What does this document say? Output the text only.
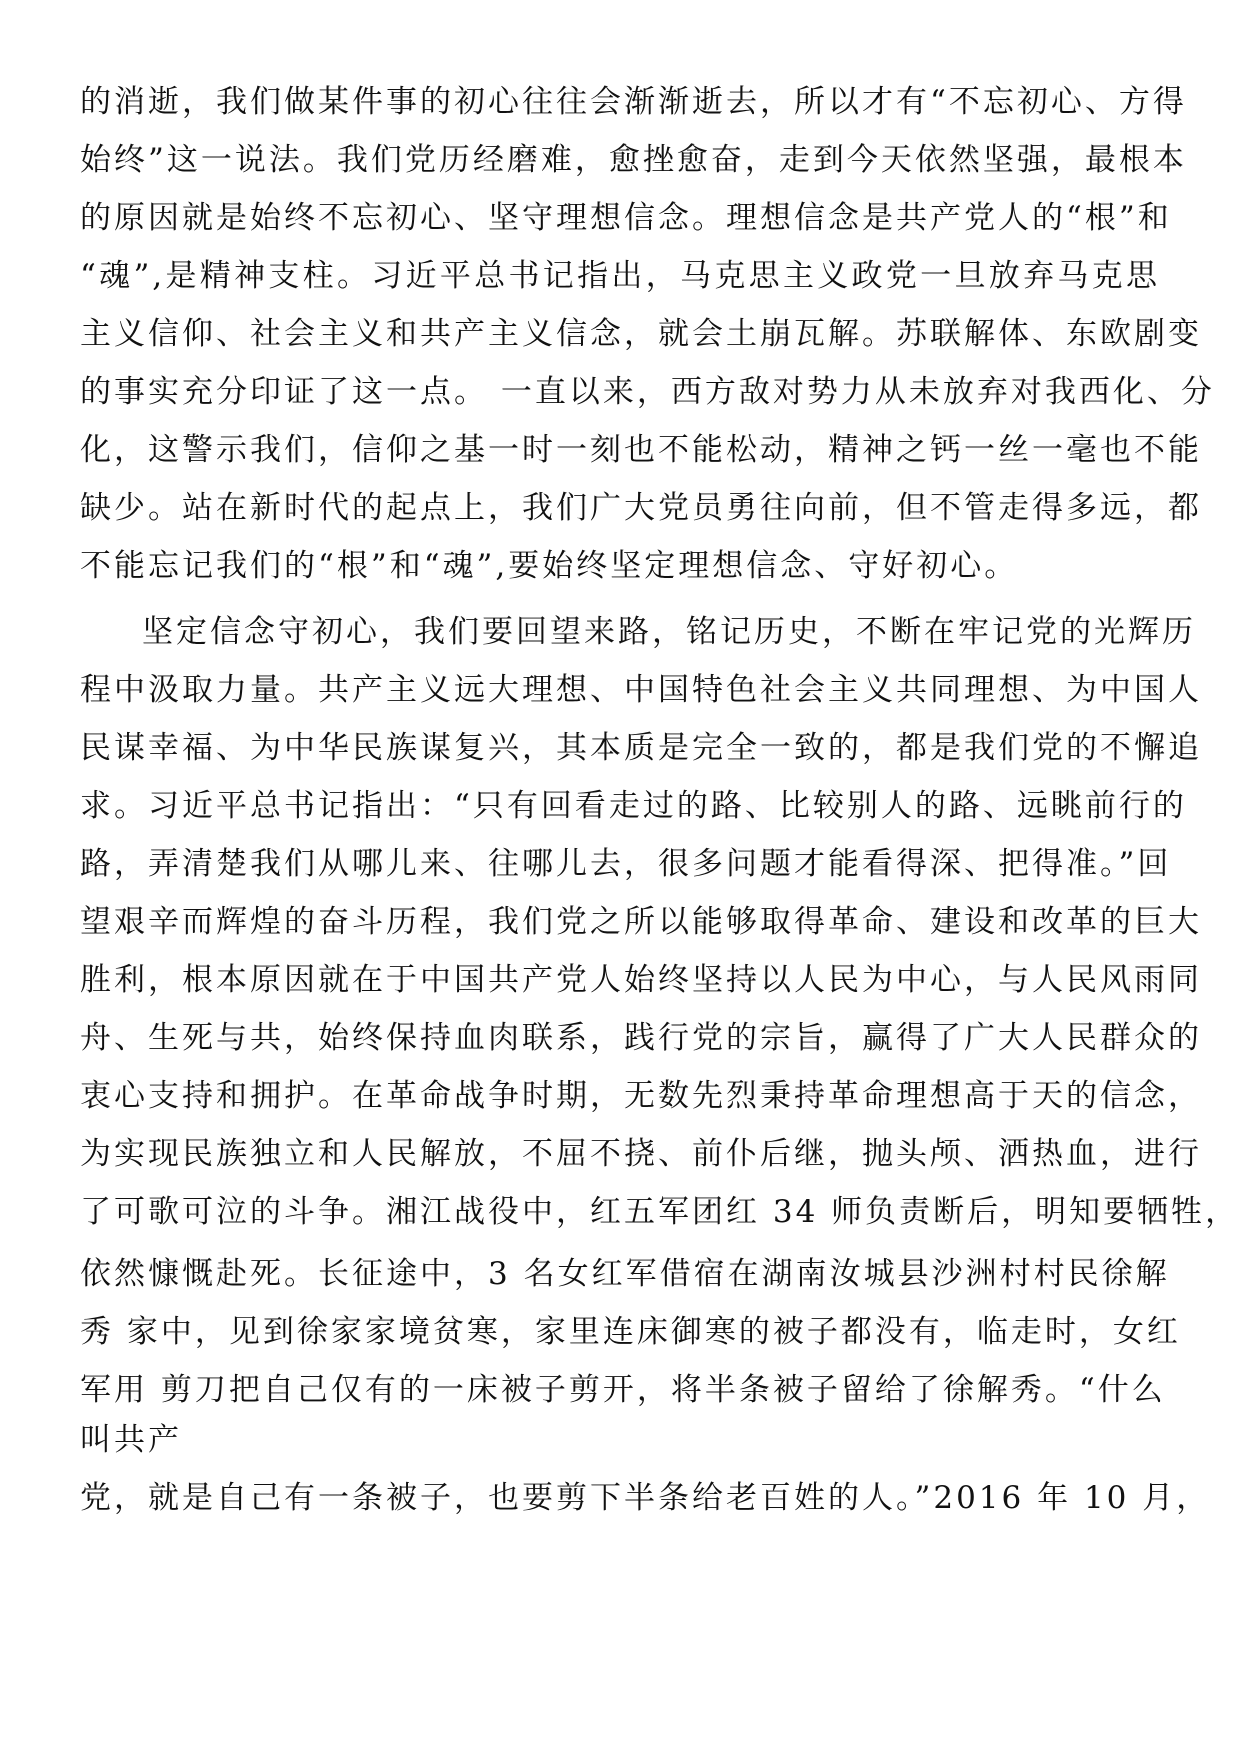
的消逝，我们做某件事的初心往往会渐渐逝去，所以才有“不忘初心、方得
始终”这一说法。我们党历经磨难，愈挫愈奋，走到今天依然坚强，最根本
的原因就是始终不忘初心、坚守理想信念。理想信念是共产党人的“根”和
“魂”,是精神支柱。习近平总书记指出，马克思主义政党一旦放弃马克思
主义信仰、社会主义和共产主义信念，就会土崩瓦解。苏联解体、东欧剧变
的事实充分印证了这一点。 一直以来，西方敌对势力从未放弃对我西化、分
化，这警示我们，信仰之基一时一刻也不能松动，精神之钙一丝一毫也不能
缺少。站在新时代的起点上，我们广大党员勇往向前，但不管走得多远，都
不能忘记我们的“根”和“魂”,要始终坚定理想信念、守好初心。
坚定信念守初心，我们要回望来路，铭记历史，不断在牢记党的光辉历
程中汲取力量。共产主义远大理想、中国特色社会主义共同理想、为中国人
民谋幸福、为中华民族谋复兴，其本质是完全一致的，都是我们党的不懈追
求。习近平总书记指出：“只有回看走过的路、比较别人的路、远眺前行的
路，弄清楚我们从哪儿来、往哪儿去，很多问题才能看得深、把得准。”回
望艰辛而辉煌的奋斗历程，我们党之所以能够取得革命、建设和改革的巨大
胜利，根本原因就在于中国共产党人始终坚持以人民为中心，与人民风雨同
舟、生死与共，始终保持血肉联系，践行党的宗旨，赢得了广大人民群众的
衷心支持和拥护。在革命战争时期，无数先烈秉持革命理想高于天的信念，
为实现民族独立和人民解放，不屈不挠、前仆后继，抛头颅、洒热血，进行
了可歌可泣的斗争。湘江战役中，红五军团红 34 师负责断后，明知要牺牲，
依然慷慨赴死。长征途中，3 名女红军借宿在湖南汝城县沙洲村村民徐解
秀 家中，见到徐家家境贫寒，家里连床御寒的被子都没有，临走时，女红
军用 剪刀把自己仅有的一床被子剪开，将半条被子留给了徐解秀。“什么
叫共产
党，就是自己有一条被子，也要剪下半条给老百姓的人。”2016 年 10 月，
